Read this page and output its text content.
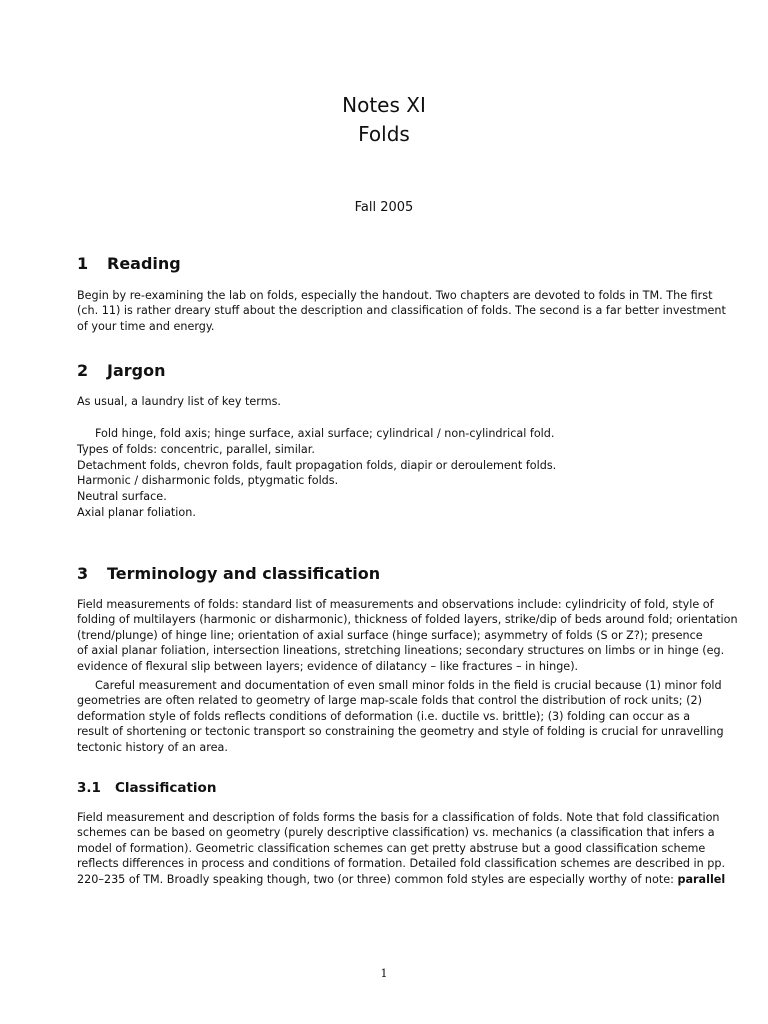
Notes XI
Folds
Fall 2005
1 Reading
Begin by re-examining the lab on folds, especially the handout. Two chapters are devoted to folds in TM. The first
(ch. 11) is rather dreary stuff about the description and classification of folds. The second is a far better investment
of your time and energy.
2 Jargon
As usual, a laundry list of key terms.
Fold hinge, fold axis; hinge surface, axial surface; cylindrical / non-cylindrical fold.
Types of folds: concentric, parallel, similar.
Detachment folds, chevron folds, fault propagation folds, diapir or deroulement folds.
Harmonic / disharmonic folds, ptygmatic folds.
Neutral surface.
Axial planar foliation.
3 Terminology and classification
Field measurements of folds: standard list of measurements and observations include: cylindricity of fold, style of
folding of multilayers (harmonic or disharmonic), thickness of folded layers, strike/dip of beds around fold; orientation
(trend/plunge) of hinge line; orientation of axial surface (hinge surface); asymmetry of folds (S or Z?); presence
of axial planar foliation, intersection lineations, stretching lineations; secondary structures on limbs or in hinge (eg.
evidence of flexural slip between layers; evidence of dilatancy – like fractures – in hinge).
Careful measurement and documentation of even small minor folds in the field is crucial because (1) minor fold
geometries are often related to geometry of large map-scale folds that control the distribution of rock units; (2)
deformation style of folds reflects conditions of deformation (i.e. ductile vs. brittle); (3) folding can occur as a
result of shortening or tectonic transport so constraining the geometry and style of folding is crucial for unravelling
tectonic history of an area.
3.1 Classification
Field measurement and description of folds forms the basis for a classification of folds. Note that fold classification
schemes can be based on geometry (purely descriptive classification) vs. mechanics (a classification that infers a
model of formation). Geometric classification schemes can get pretty abstruse but a good classification scheme
reflects differences in process and conditions of formation. Detailed fold classification schemes are described in pp.
220–235 of TM. Broadly speaking though, two (or three) common fold styles are especially worthy of note: parallel
1
